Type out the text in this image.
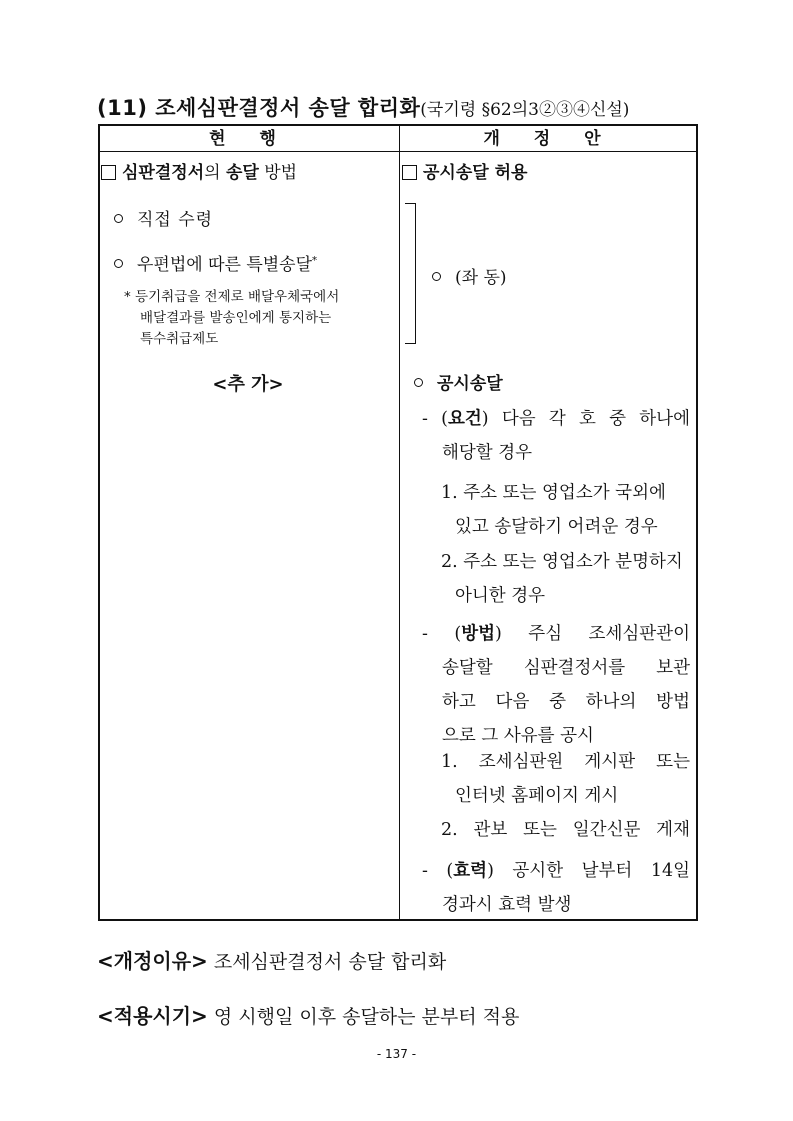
(11) 조세심판결정서 송달 합리화(국기령 §62의3②③④신설)
현 행	개 정 안
심판결정서의 송달 방법
직접 수령
우편법에 따른 특별송달*
* 등기취급을 전제로 배달우체국에서
배달결과를 발송인에게 통지하는
특수취급제도
<추 가>
공시송달 허용
(좌 동)
공시송달
- (요건) 다음 각 호 중 하나에
해당할 경우
1. 주소 또는 영업소가 국외에
있고 송달하기 어려운 경우
2. 주소 또는 영업소가 분명하지
아니한 경우
- (방법) 주심 조세심판관이
송달할 심판결정서를 보관
하고 다음 중 하나의 방법
으로 그 사유를 공시
1. 조세심판원 게시판 또는
인터넷 홈페이지 게시
2. 관보 또는 일간신문 게재
- (효력) 공시한 날부터 14일
경과시 효력 발생
<개정이유> 조세심판결정서 송달 합리화
<적용시기> 영 시행일 이후 송달하는 분부터 적용
- 137 -
